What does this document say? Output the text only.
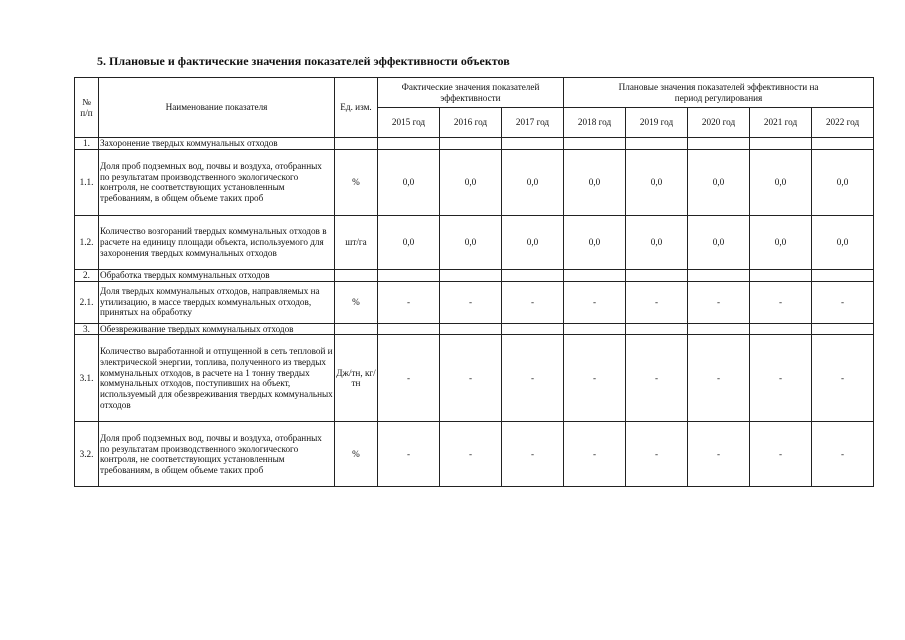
5. Плановые и фактические значения показателей эффективности объектов
№
п/п	Наименование показателя	Ед. изм.	Фактические значения показателей эффективности			Плановые значения показателей эффективности на период регулирования				
			2015 год	2016 год	2017 год	2018 год	2019 год	2020 год	2021 год	2022 год
1.	Захоронение твердых коммунальных отходов									
1.1.	Доля проб подземных вод, почвы и воздуха, отобранных по результатам производственного экологического контроля, не соответствующих установленным требованиям, в общем объеме таких проб	%	0,0	0,0	0,0	0,0	0,0	0,0	0,0	0,0
1.2.	Количество возгораний твердых коммунальных отходов в расчете на единицу площади объекта, используемого для захоронения твердых коммунальных отходов	шт/га	0,0	0,0	0,0	0,0	0,0	0,0	0,0	0,0
2.	Обработка твердых коммунальных отходов									
2.1.	Доля твердых коммунальных отходов, направляемых на утилизацию, в массе твердых коммунальных отходов, принятых на обработку	%	-	-	-	-	-	-	-	-
3.	Обезвреживание твердых коммунальных отходов									
3.1.	Количество выработанной и отпущенной в сеть тепловой и электрической энергии, топлива, полученного из твердых коммунальных отходов, в расчете на 1 тонну твердых коммунальных отходов, поступивших на объект, используемый для обезвреживания твердых коммунальных отходов	Дж/тн, кг/тн	-	-	-	-	-	-	-	-
3.2.	Доля проб подземных вод, почвы и воздуха, отобранных по результатам производственного экологического контроля, не соответствующих установленным требованиям, в общем объеме таких проб	%	-	-	-	-	-	-	-	-
